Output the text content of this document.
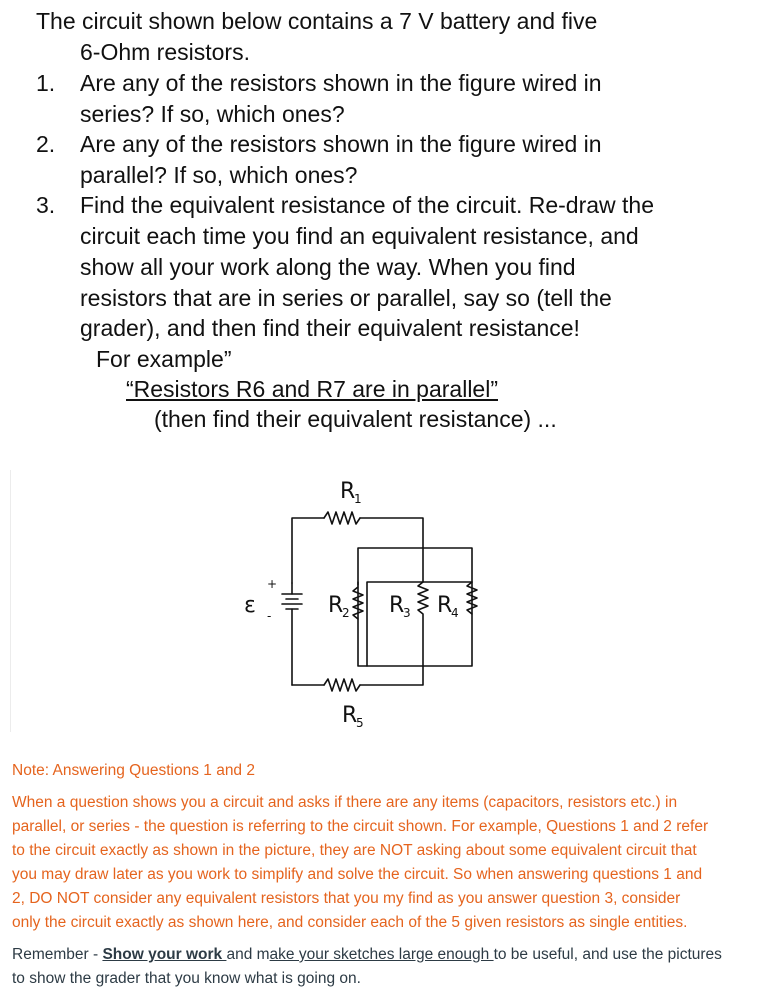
The circuit shown below contains a 7 V battery and five
6-Ohm resistors.
1. Are any of the resistors shown in the figure wired in
series? If so, which ones?
2. Are any of the resistors shown in the figure wired in
parallel? If so, which ones?
3. Find the equivalent resistance of the circuit. Re-draw the
circuit each time you find an equivalent resistance, and
show all your work along the way. When you find
resistors that are in series or parallel, say so (tell the
grader), and then find their equivalent resistance!
For example”
“Resistors R6 and R7 are in parallel”
(then find their equivalent resistance) ...
ε
+
-
R
1
R
2 R
3 R
4
R
5
Note: Answering Questions 1 and 2
When a question shows you a circuit and asks if there are any items (capacitors, resistors etc.) in
parallel, or series - the question is referring to the circuit shown. For example, Questions 1 and 2 refer
to the circuit exactly as shown in the picture, they are NOT asking about some equivalent circuit that
you may draw later as you work to simplify and solve the circuit. So when answering questions 1 and
2, DO NOT consider any equivalent resistors that you my find as you answer question 3, consider
only the circuit exactly as shown here, and consider each of the 5 given resistors as single entities.
Remember - Show your work and make your sketches large enough to be useful, and use the pictures
to show the grader that you know what is going on.
